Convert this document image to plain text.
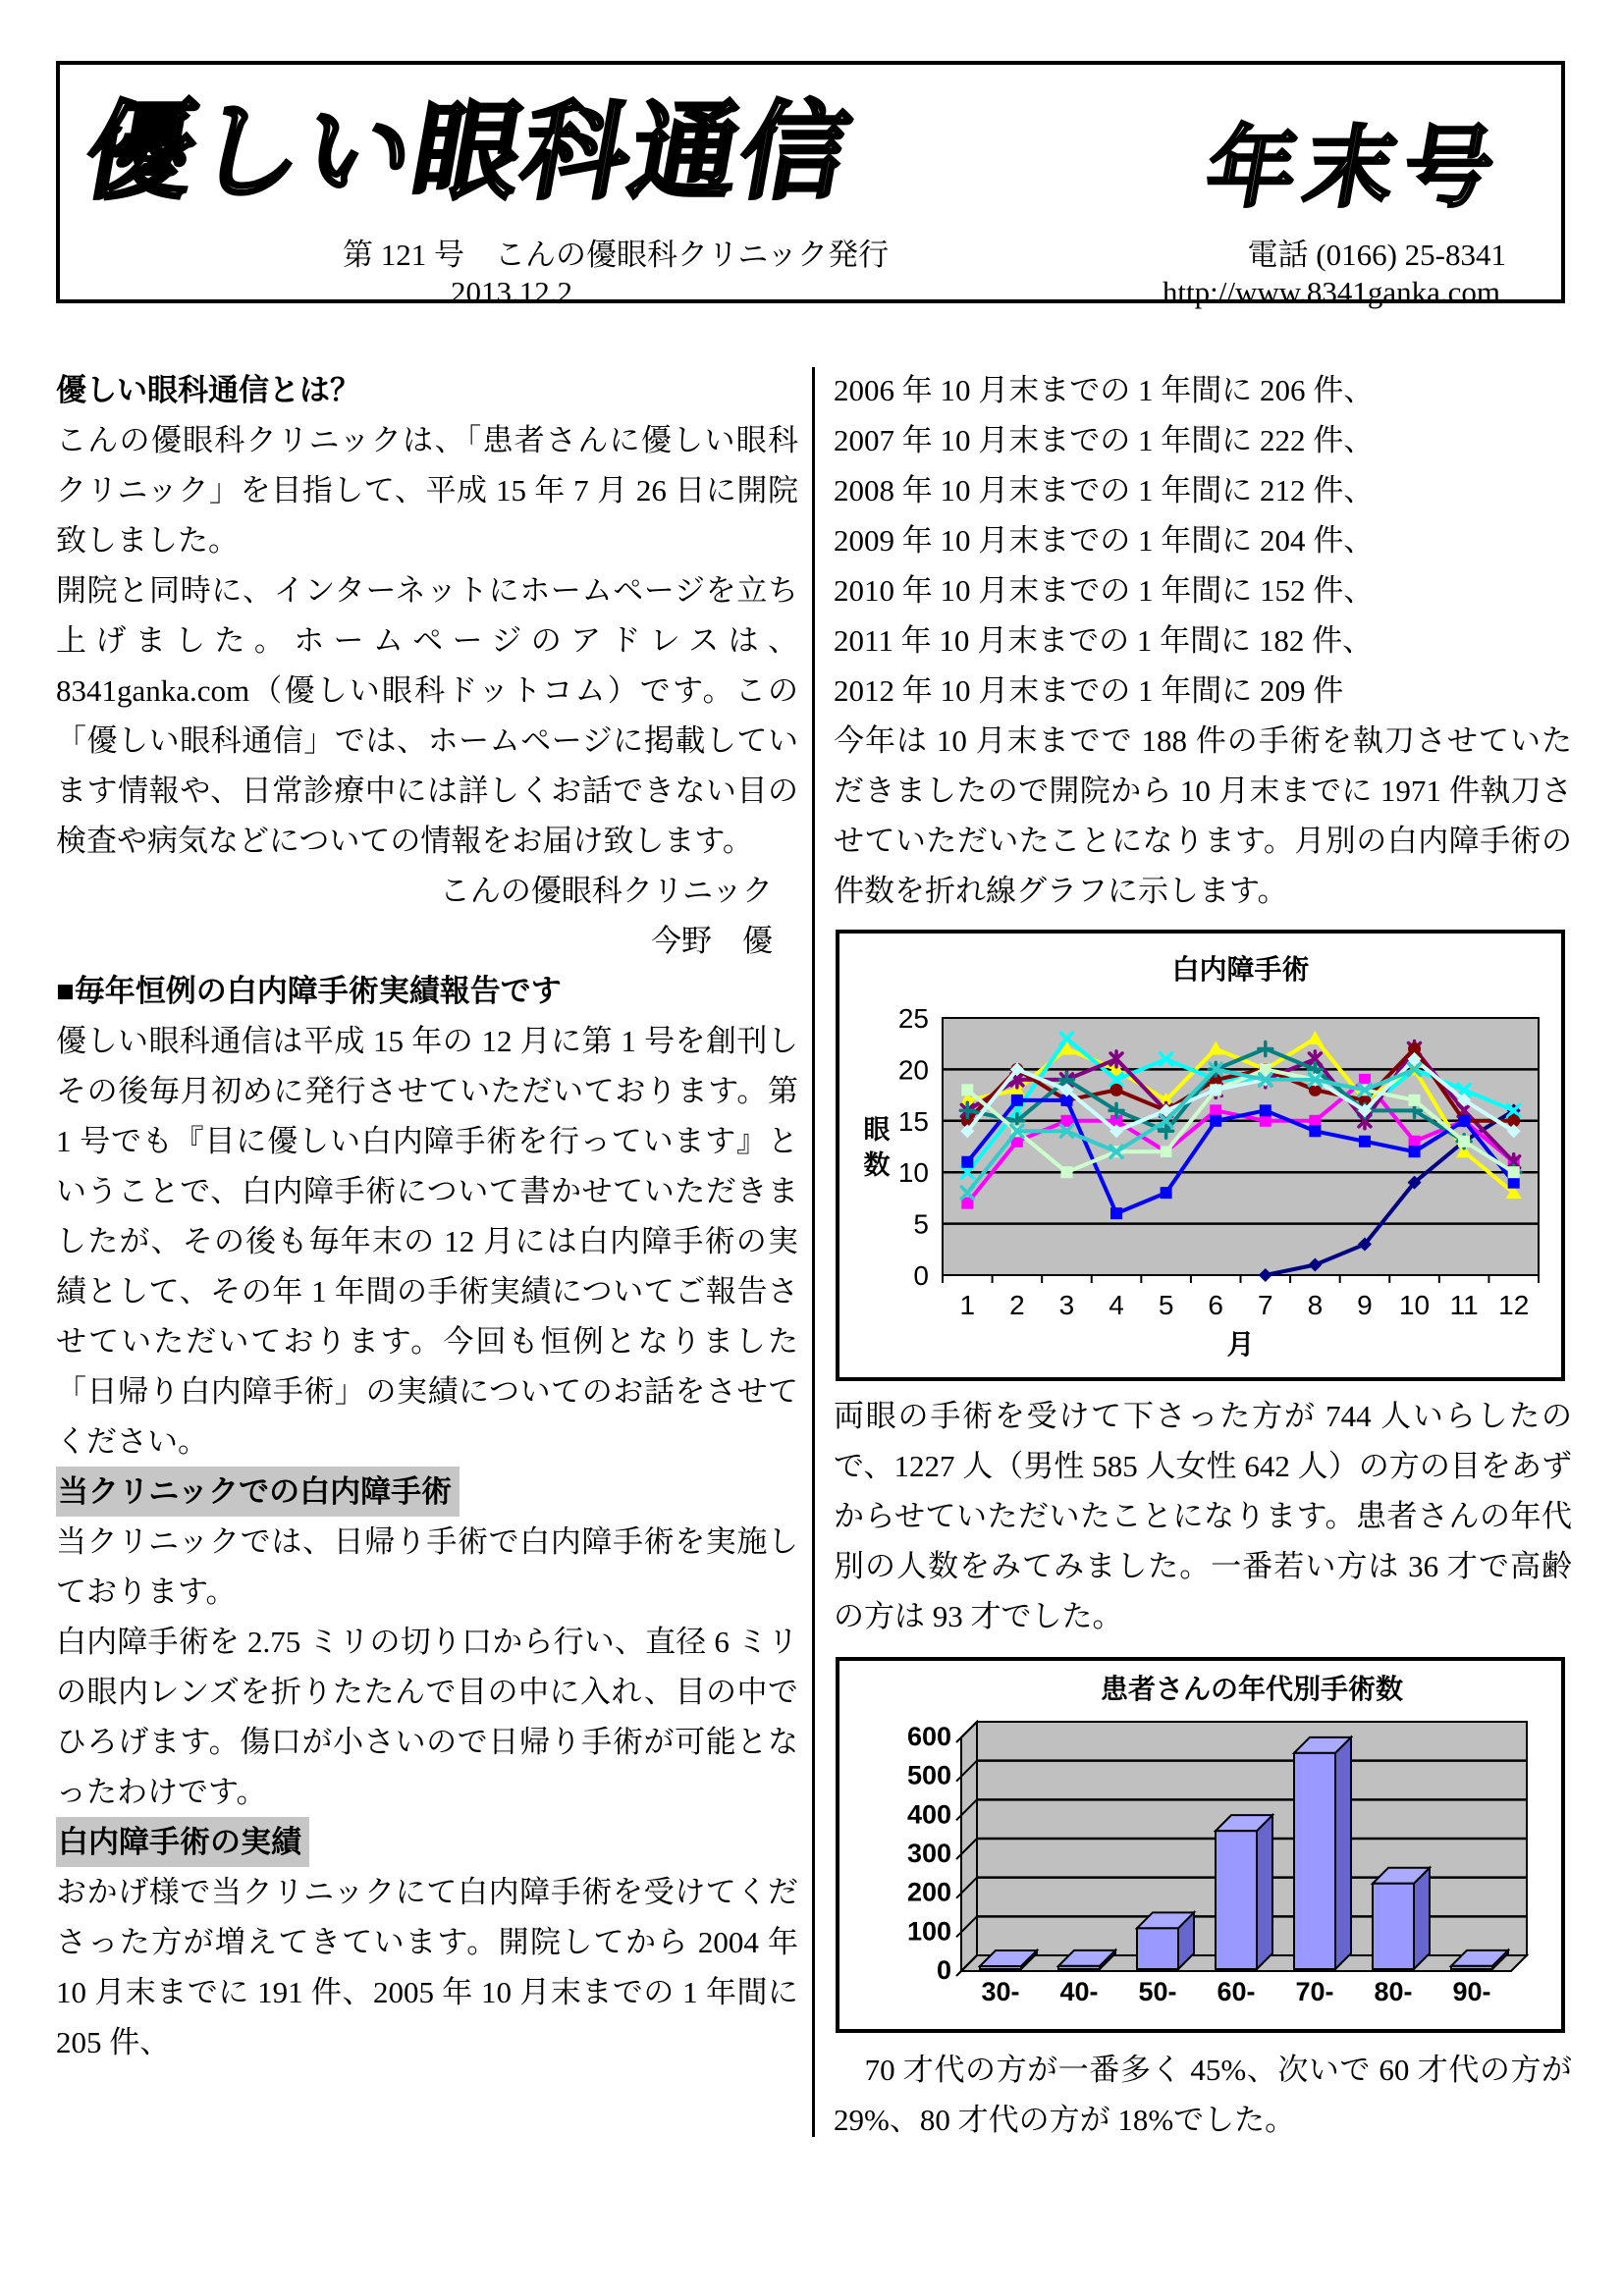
優しい眼科通信	年末号
第 121 号　こんの優眼科クリニック発行	電話 (0166) 25-8341
2013.12.2	http://www.8341ganka.com
優しい眼科通信とは？
こんの優眼科クリニックは、「患者さんに優しい眼科クリニック」を目指して、平成 15 年 7 月 26 日に開院致しました。
開院と同時に、インターネットにホームページを立ち上げました。ホームページのアドレスは、8341ganka.com（優しい眼科ドットコム）です。この「優しい眼科通信」では、ホームページに掲載しています情報や、日常診療中には詳しくお話できない目の検査や病気などについての情報をお届け致します。
こんの優眼科クリニック
今野　優
■毎年恒例の白内障手術実績報告です
優しい眼科通信は平成 15 年の 12 月に第 1 号を創刊しその後毎月初めに発行させていただいております。第 1 号でも『目に優しい白内障手術を行っています』ということで、白内障手術について書かせていただきましたが、その後も毎年末の 12 月には白内障手術の実績として、その年 1 年間の手術実績についてご報告させていただいております。今回も恒例となりました「日帰り白内障手術」の実績についてのお話をさせてください。
当クリニックでの白内障手術
当クリニックでは、日帰り手術で白内障手術を実施しております。
白内障手術を 2.75 ミリの切り口から行い、直径 6 ミリの眼内レンズを折りたたんで目の中に入れ、目の中でひろげます。傷口が小さいので日帰り手術が可能となったわけです。
白内障手術の実績
おかげ様で当クリニックにて白内障手術を受けてくださった方が増えてきています。開院してから 2004 年 10 月末までに 191 件、2005 年 10 月末までの 1 年間に 205 件、
2006 年 10 月末までの 1 年間に 206 件、
2007 年 10 月末までの 1 年間に 222 件、
2008 年 10 月末までの 1 年間に 212 件、
2009 年 10 月末までの 1 年間に 204 件、
2010 年 10 月末までの 1 年間に 152 件、
2011 年 10 月末までの 1 年間に 182 件、
2012 年 10 月末までの 1 年間に 209 件
今年は 10 月末までで 188 件の手術を執刀させていただきましたので開院から 10 月末までに 1971 件執刀させていただいたことになります。月別の白内障手術の件数を折れ線グラフに示します。
白内障手術
0
5
10
15
20
25
眼
数
1 2 3 4 5 6 7 8 9 10 11 12
月
両眼の手術を受けて下さった方が 744 人いらしたので、1227 人（男性 585 人女性 642 人）の方の目をあずからせていただいたことになります。患者さんの年代別の人数をみてみました。一番若い方は 36 才で高齢の方は 93 才でした。
患者さんの年代別手術数
0
100
200
300
400
500
600
30- 40- 50- 60- 70- 80- 90-
　70 才代の方が一番多く 45%、次いで 60 才代の方が 29%、80 才代の方が 18%でした。
